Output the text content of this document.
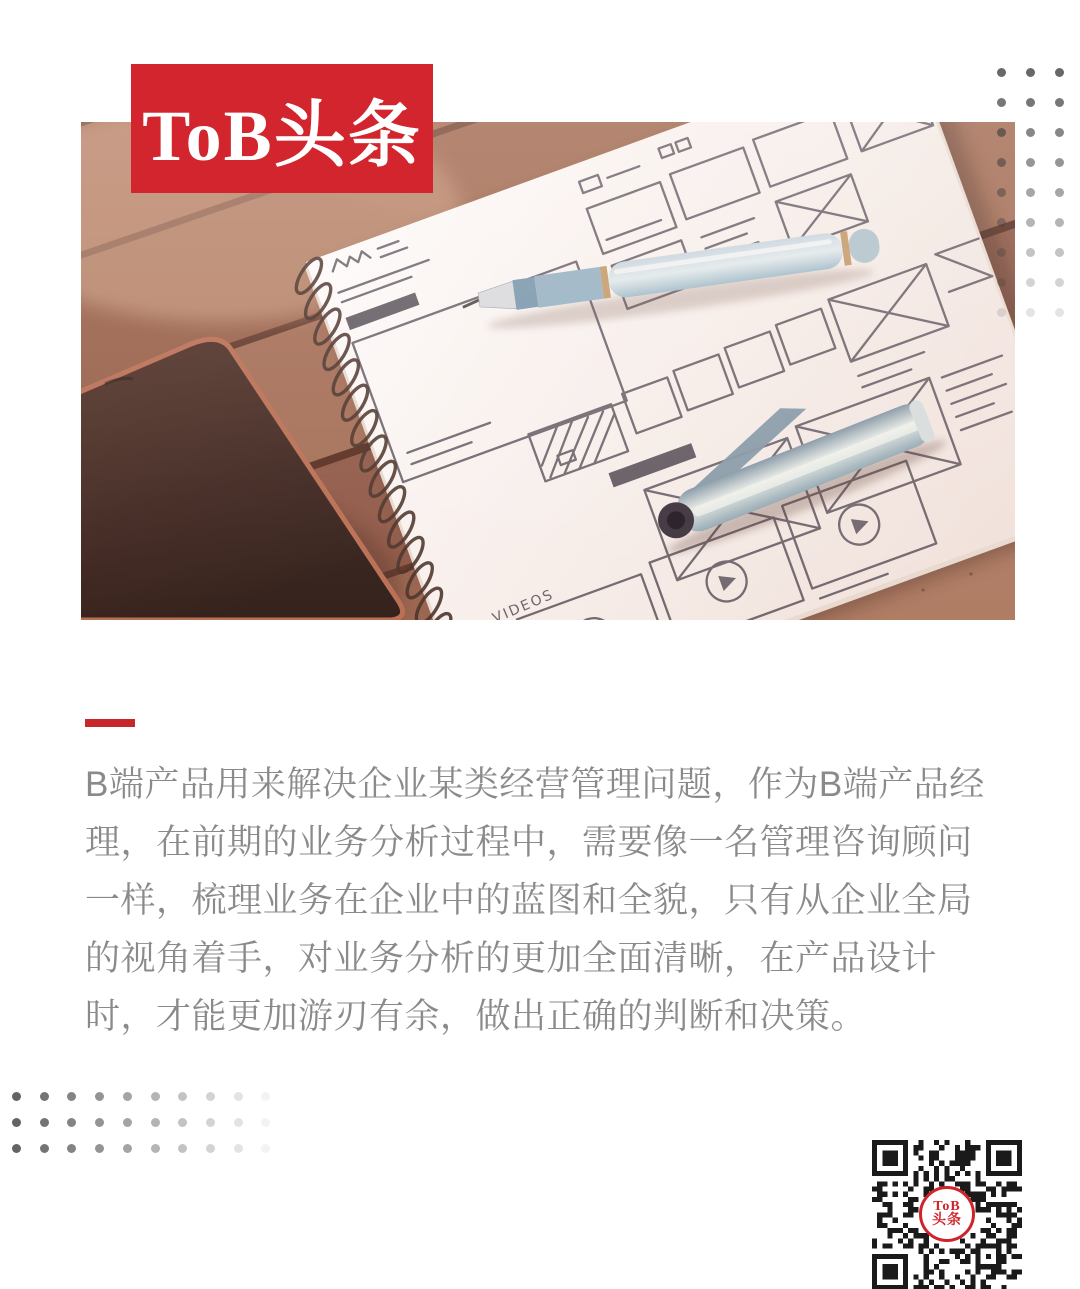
ToB头条

B端产品用来解决企业某类经营管理问题，作为B端产品经理，在前期的业务分析过程中，需要像一名管理咨询顾问一样，梳理业务在企业中的蓝图和全貌，只有从企业全局的视角着手，对业务分析的更加全面清晰，在产品设计时，才能更加游刃有余，做出正确的判断和决策。

ToB
头条
